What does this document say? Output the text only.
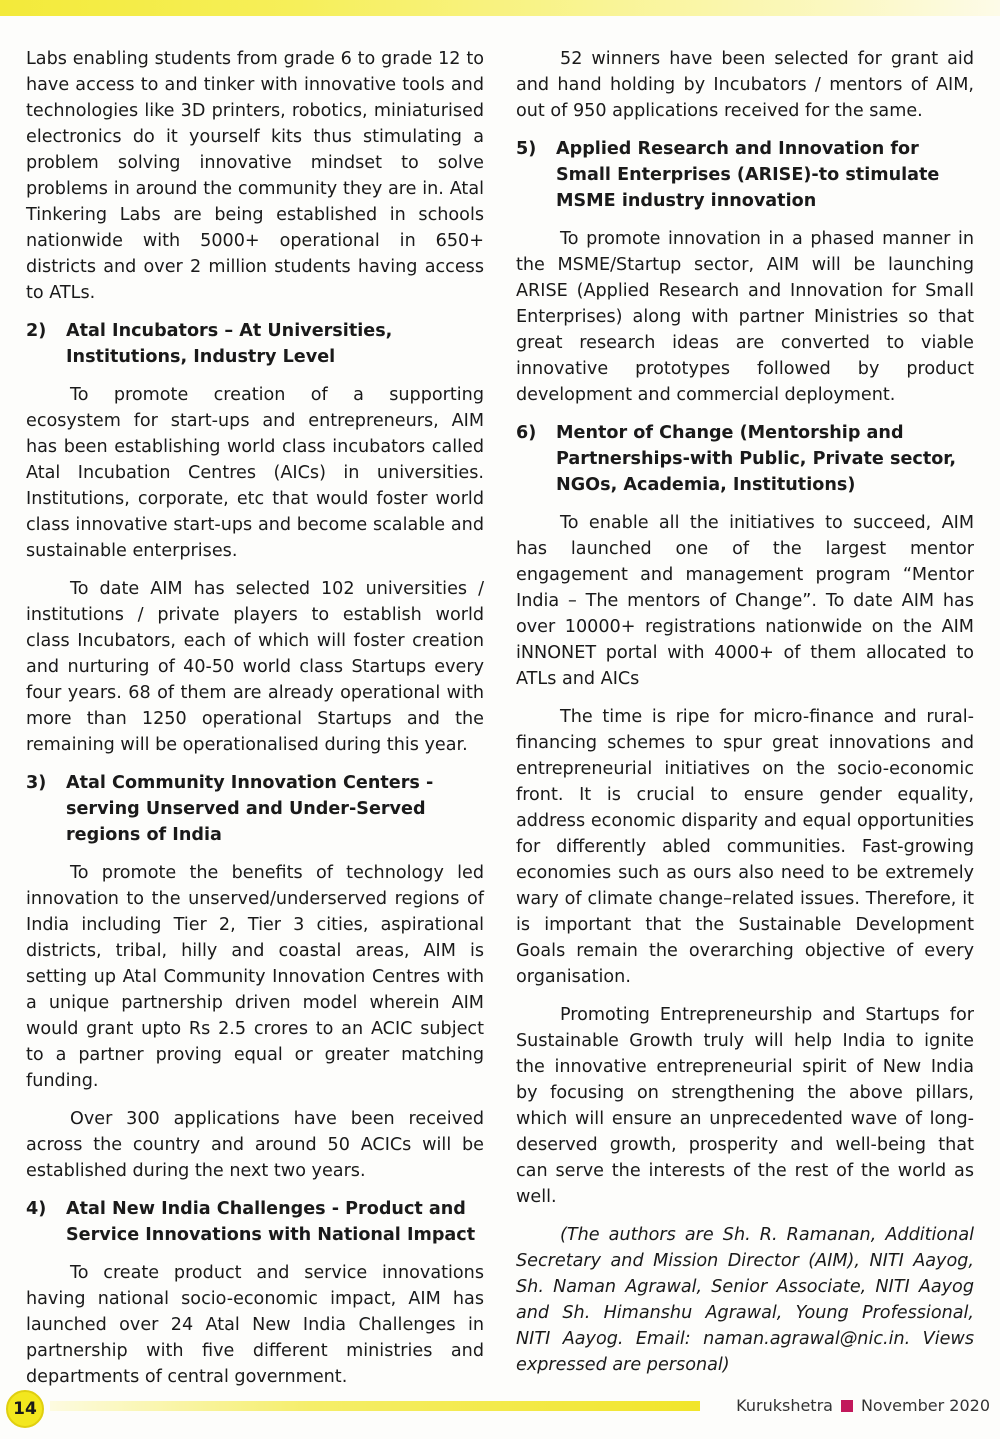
Labs enabling students from grade 6 to grade 12 to have access to and tinker with innovative tools and technologies like 3D printers, robotics, miniaturised electronics do it yourself kits thus stimulating a problem solving innovative mindset to solve problems in around the community they are in. Atal Tinkering Labs are being established in schools nationwide with 5000+ operational in 650+ districts and over 2 million students having access to ATLs.

2)	Atal Incubators – At Universities, Institutions, Industry Level

To promote creation of a supporting ecosystem for start-ups and entrepreneurs, AIM has been establishing world class incubators called Atal Incubation Centres (AICs) in universities. Institutions, corporate, etc that would foster world class innovative start-ups and become scalable and sustainable enterprises.

To date AIM has selected 102 universities / institutions / private players to establish world class Incubators, each of which will foster creation and nurturing of 40-50 world class Startups every four years. 68 of them are already operational with more than 1250 operational Startups and the remaining will be operationalised during this year.

3)	Atal Community Innovation Centers - serving Unserved and Under-Served regions of India

To promote the benefits of technology led innovation to the unserved/underserved regions of India including Tier 2, Tier 3 cities, aspirational districts, tribal, hilly and coastal areas, AIM is setting up Atal Community Innovation Centres with a unique partnership driven model wherein AIM would grant upto Rs 2.5 crores to an ACIC subject to a partner proving equal or greater matching funding.

Over 300 applications have been received across the country and around 50 ACICs will be established during the next two years.

4)	Atal New India Challenges - Product and Service Innovations with National Impact

To create product and service innovations having national socio-economic impact, AIM has launched over 24 Atal New India Challenges in partnership with five different ministries and departments of central government.

52 winners have been selected for grant aid and hand holding by Incubators / mentors of AIM, out of 950 applications received for the same.

5)	Applied Research and Innovation for Small Enterprises (ARISE)-to stimulate MSME industry innovation

To promote innovation in a phased manner in the MSME/Startup sector, AIM will be launching ARISE (Applied Research and Innovation for Small Enterprises) along with partner Ministries so that great research ideas are converted to viable innovative prototypes followed by product development and commercial deployment.

6)	Mentor of Change (Mentorship and Partnerships-with Public, Private sector, NGOs, Academia, Institutions)

To enable all the initiatives to succeed, AIM has launched one of the largest mentor engagement and management program “Mentor India – The mentors of Change”. To date AIM has over 10000+ registrations nationwide on the AIM iNNONET portal with 4000+ of them allocated to ATLs and AICs

The time is ripe for micro-finance and rural-financing schemes to spur great innovations and entrepreneurial initiatives on the socio-economic front. It is crucial to ensure gender equality, address economic disparity and equal opportunities for differently abled communities. Fast-growing economies such as ours also need to be extremely wary of climate change–related issues. Therefore, it is important that the Sustainable Development Goals remain the overarching objective of every organisation.

Promoting Entrepreneurship and Startups for Sustainable Growth truly will help India to ignite the innovative entrepreneurial spirit of New India by focusing on strengthening the above pillars, which will ensure an unprecedented wave of long-deserved growth, prosperity and well-being that can serve the interests of the rest of the world as well.

(The authors are Sh. R. Ramanan, Additional Secretary and Mission Director (AIM), NITI Aayog, Sh. Naman Agrawal, Senior Associate, NITI Aayog and Sh. Himanshu Agrawal, Young Professional, NITI Aayog. Email: naman.agrawal@nic.in. Views expressed are personal)

14	Kurukshetra November 2020
